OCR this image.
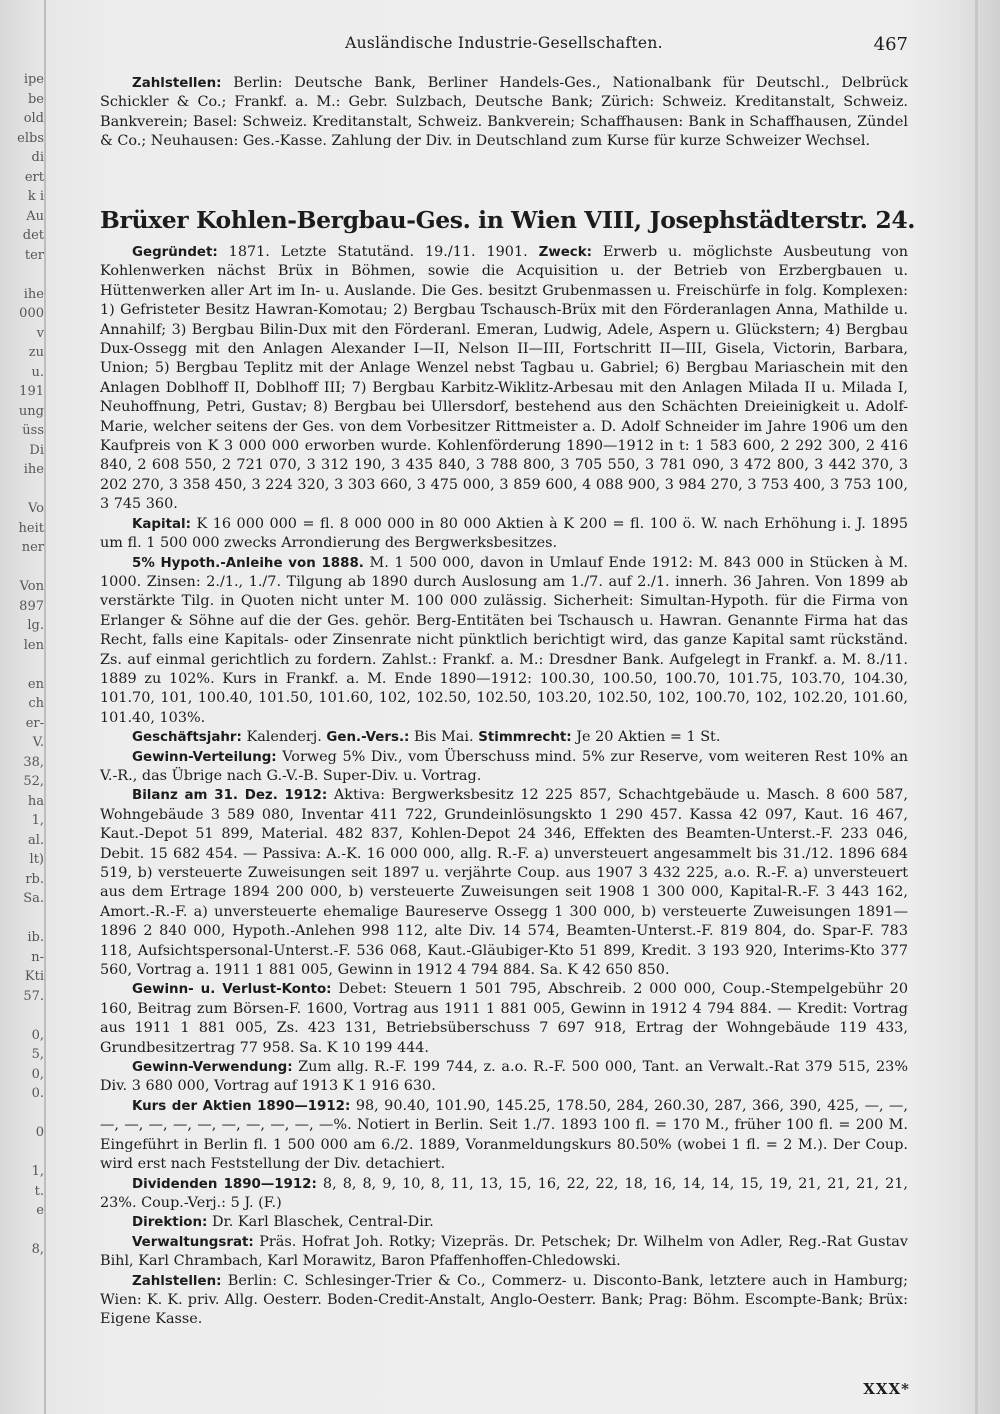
ipe
be
old
elbs
di
ert
k i
Au
det
ter

ihe
000
v
zu
u.
191
ung
üss
Di
ihe

Vo
heit
ner

Von
897
lg.
len

en
ch
er-
V.
38,
52,
ha
1,
al.
lt)
rb.
Sa.

ib.
n-
Kti
57.

0,
5,
0,
0.

0

1,
t.
e

8,
Ausländische Industrie-Gesellschaften.	467

Zahlstellen: Berlin: Deutsche Bank, Berliner Handels-Ges., Nationalbank für Deutschl., Delbrück Schickler & Co.; Frankf. a. M.: Gebr. Sulzbach, Deutsche Bank; Zürich: Schweiz. Kreditanstalt, Schweiz. Bankverein; Basel: Schweiz. Kreditanstalt, Schweiz. Bankverein; Schaffhausen: Bank in Schaffhausen, Zündel & Co.; Neuhausen: Ges.-Kasse. Zahlung der Div. in Deutschland zum Kurse für kurze Schweizer Wechsel.

Brüxer Kohlen-Bergbau-Ges. in Wien VIII, Josephstädterstr. 24.

Gegründet: 1871. Letzte Statutänd. 19./11. 1901. Zweck: Erwerb u. möglichste Ausbeutung von Kohlenwerken nächst Brüx in Böhmen, sowie die Acquisition u. der Betrieb von Erzbergbauen u. Hüttenwerken aller Art im In- u. Auslande. Die Ges. besitzt Grubenmassen u. Freischürfe in folg. Komplexen: 1) Gefristeter Besitz Hawran-Komotau; 2) Bergbau Tschausch-Brüx mit den Förderanlagen Anna, Mathilde u. Annahilf; 3) Bergbau Bilin-Dux mit den Förderanl. Emeran, Ludwig, Adele, Aspern u. Glückstern; 4) Bergbau Dux-Ossegg mit den Anlagen Alexander I—II, Nelson II—III, Fortschritt II—III, Gisela, Victorin, Barbara, Union; 5) Bergbau Teplitz mit der Anlage Wenzel nebst Tagbau u. Gabriel; 6) Bergbau Mariaschein mit den Anlagen Doblhoff II, Doblhoff III; 7) Bergbau Karbitz-Wiklitz-Arbesau mit den Anlagen Milada II u. Milada I, Neuhoffnung, Petri, Gustav; 8) Bergbau bei Ullersdorf, bestehend aus den Schächten Dreieinigkeit u. Adolf-Marie, welcher seitens der Ges. von dem Vorbesitzer Rittmeister a. D. Adolf Schneider im Jahre 1906 um den Kaufpreis von K 3 000 000 erworben wurde. Kohlenförderung 1890—1912 in t: 1 583 600, 2 292 300, 2 416 840, 2 608 550, 2 721 070, 3 312 190, 3 435 840, 3 788 800, 3 705 550, 3 781 090, 3 472 800, 3 442 370, 3 202 270, 3 358 450, 3 224 320, 3 303 660, 3 475 000, 3 859 600, 4 088 900, 3 984 270, 3 753 400, 3 753 100, 3 745 360.

Kapital: K 16 000 000 = fl. 8 000 000 in 80 000 Aktien à K 200 = fl. 100 ö. W. nach Erhöhung i. J. 1895 um fl. 1 500 000 zwecks Arrondierung des Bergwerksbesitzes.

5% Hypoth.-Anleihe von 1888. M. 1 500 000, davon in Umlauf Ende 1912: M. 843 000 in Stücken à M. 1000. Zinsen: 2./1., 1./7. Tilgung ab 1890 durch Auslosung am 1./7. auf 2./1. innerh. 36 Jahren. Von 1899 ab verstärkte Tilg. in Quoten nicht unter M. 100 000 zulässig. Sicherheit: Simultan-Hypoth. für die Firma von Erlanger & Söhne auf die der Ges. gehör. Berg-Entitäten bei Tschausch u. Hawran. Genannte Firma hat das Recht, falls eine Kapitals- oder Zinsenrate nicht pünktlich berichtigt wird, das ganze Kapital samt rückständ. Zs. auf einmal gerichtlich zu fordern. Zahlst.: Frankf. a. M.: Dresdner Bank. Aufgelegt in Frankf. a. M. 8./11. 1889 zu 102%. Kurs in Frankf. a. M. Ende 1890—1912: 100.30, 100.50, 100.70, 101.75, 103.70, 104.30, 101.70, 101, 100.40, 101.50, 101.60, 102, 102.50, 102.50, 103.20, 102.50, 102, 100.70, 102, 102.20, 101.60, 101.40, 103%.

Geschäftsjahr: Kalenderj. Gen.-Vers.: Bis Mai. Stimmrecht: Je 20 Aktien = 1 St.

Gewinn-Verteilung: Vorweg 5% Div., vom Überschuss mind. 5% zur Reserve, vom weiteren Rest 10% an V.-R., das Übrige nach G.-V.-B. Super-Div. u. Vortrag.

Bilanz am 31. Dez. 1912: Aktiva: Bergwerksbesitz 12 225 857, Schachtgebäude u. Masch. 8 600 587, Wohngebäude 3 589 080, Inventar 411 722, Grundeinlösungskto 1 290 457. Kassa 42 097, Kaut. 16 467, Kaut.-Depot 51 899, Material. 482 837, Kohlen-Depot 24 346, Effekten des Beamten-Unterst.-F. 233 046, Debit. 15 682 454. — Passiva: A.-K. 16 000 000, allg. R.-F. a) unversteuert angesammelt bis 31./12. 1896 684 519, b) versteuerte Zuweisungen seit 1897 u. verjährte Coup. aus 1907 3 432 225, a.o. R.-F. a) unversteuert aus dem Ertrage 1894 200 000, b) versteuerte Zuweisungen seit 1908 1 300 000, Kapital-R.-F. 3 443 162, Amort.-R.-F. a) unversteuerte ehemalige Baureserve Ossegg 1 300 000, b) versteuerte Zuweisungen 1891—1896 2 840 000, Hypoth.-Anlehen 998 112, alte Div. 14 574, Beamten-Unterst.-F. 819 804, do. Spar-F. 783 118, Aufsichtspersonal-Unterst.-F. 536 068, Kaut.-Gläubiger-Kto 51 899, Kredit. 3 193 920, Interims-Kto 377 560, Vortrag a. 1911 1 881 005, Gewinn in 1912 4 794 884. Sa. K 42 650 850.

Gewinn- u. Verlust-Konto: Debet: Steuern 1 501 795, Abschreib. 2 000 000, Coup.-Stempelgebühr 20 160, Beitrag zum Börsen-F. 1600, Vortrag aus 1911 1 881 005, Gewinn in 1912 4 794 884. — Kredit: Vortrag aus 1911 1 881 005, Zs. 423 131, Betriebsüberschuss 7 697 918, Ertrag der Wohngebäude 119 433, Grundbesitzertrag 77 958. Sa. K 10 199 444.

Gewinn-Verwendung: Zum allg. R.-F. 199 744, z. a.o. R.-F. 500 000, Tant. an Verwalt.-Rat 379 515, 23% Div. 3 680 000, Vortrag auf 1913 K 1 916 630.

Kurs der Aktien 1890—1912: 98, 90.40, 101.90, 145.25, 178.50, 284, 260.30, 287, 366, 390, 425, —, —, —, —, —, —, —, —, —, —, —, —%. Notiert in Berlin. Seit 1./7. 1893 100 fl. = 170 M., früher 100 fl. = 200 M. Eingeführt in Berlin fl. 1 500 000 am 6./2. 1889, Voranmeldungskurs 80.50% (wobei 1 fl. = 2 M.). Der Coup. wird erst nach Feststellung der Div. detachiert.

Dividenden 1890—1912: 8, 8, 8, 9, 10, 8, 11, 13, 15, 16, 22, 22, 18, 16, 14, 14, 15, 19, 21, 21, 21, 21, 23%. Coup.-Verj.: 5 J. (F.)

Direktion: Dr. Karl Blaschek, Central-Dir.

Verwaltungsrat: Präs. Hofrat Joh. Rotky; Vizepräs. Dr. Petschek; Dr. Wilhelm von Adler, Reg.-Rat Gustav Bihl, Karl Chrambach, Karl Morawitz, Baron Pfaffenhoffen-Chledowski.

Zahlstellen: Berlin: C. Schlesinger-Trier & Co., Commerz- u. Disconto-Bank, letztere auch in Hamburg; Wien: K. K. priv. Allg. Oesterr. Boden-Credit-Anstalt, Anglo-Oesterr. Bank; Prag: Böhm. Escompte-Bank; Brüx: Eigene Kasse.

XXX*
